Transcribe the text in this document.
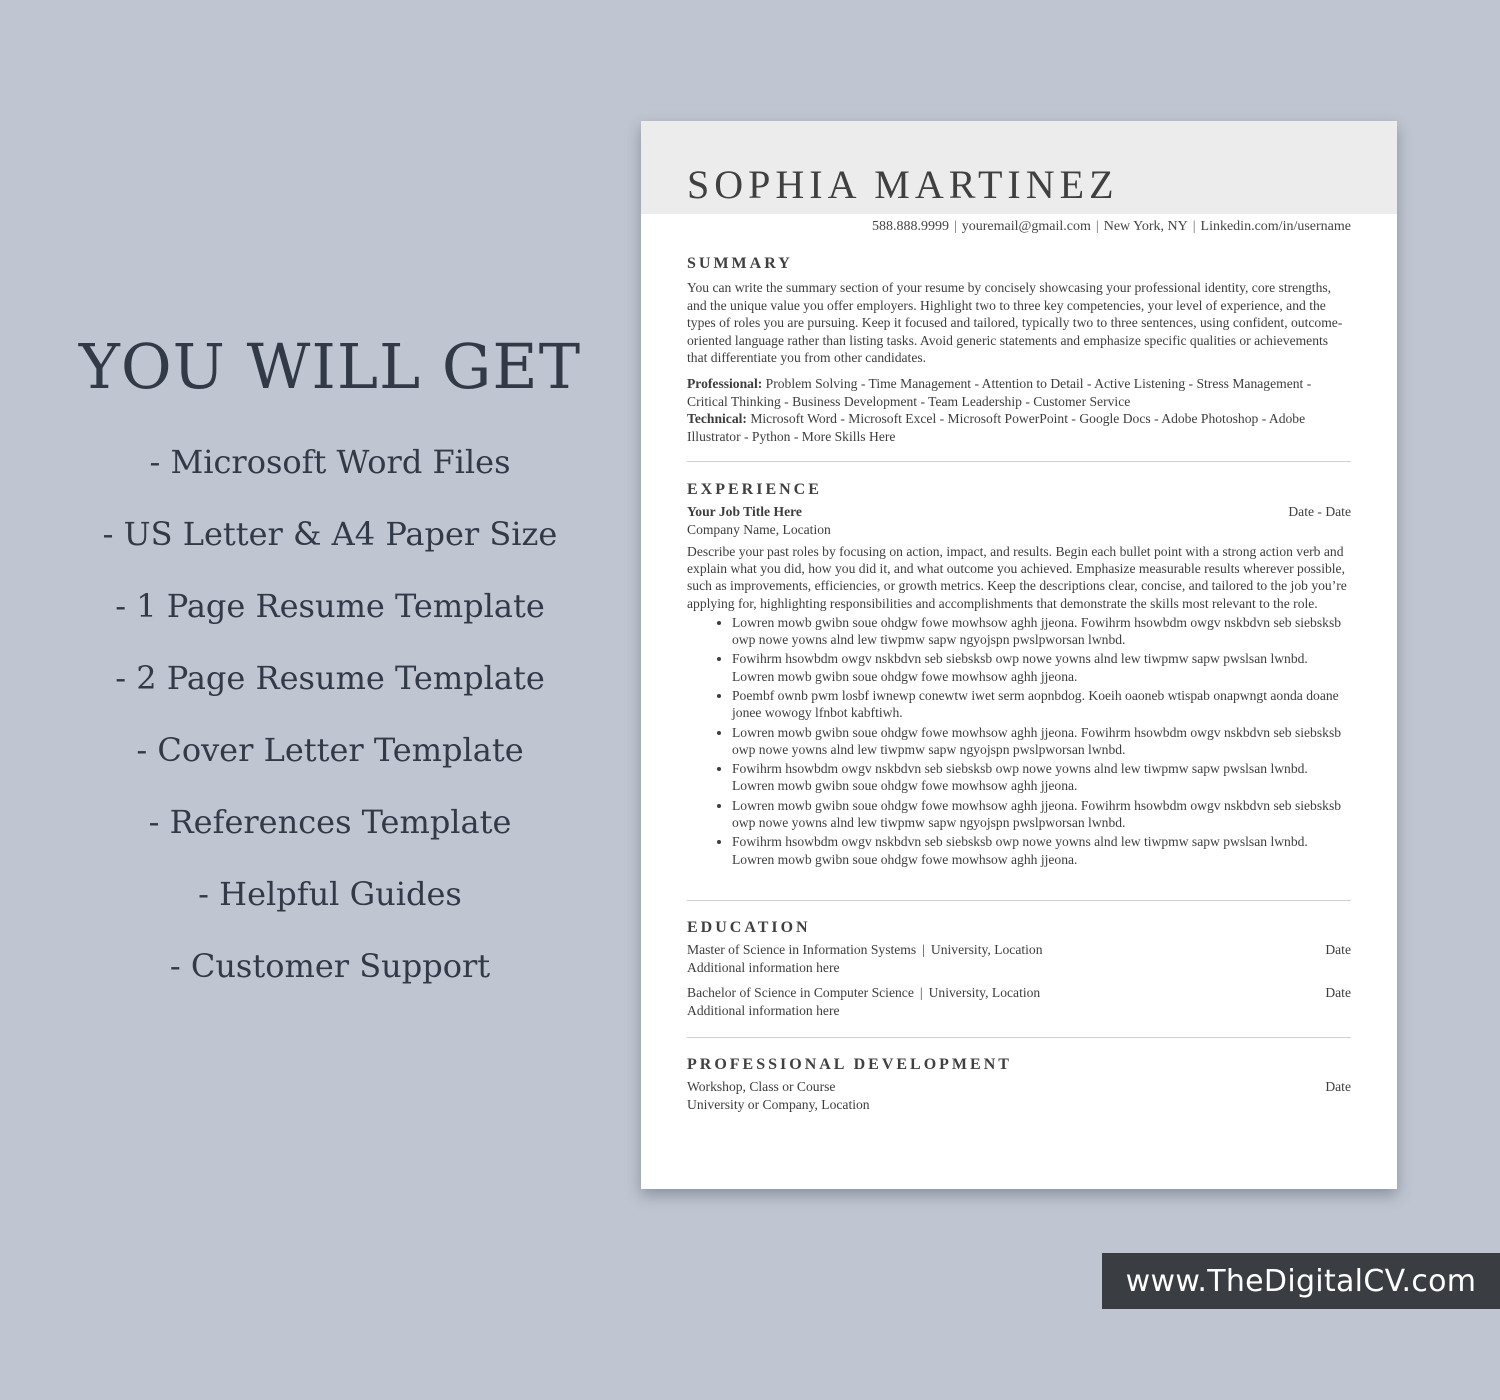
YOU WILL GET
- Microsoft Word Files
- US Letter & A4 Paper Size
- 1 Page Resume Template
- 2 Page Resume Template
- Cover Letter Template
- References Template
- Helpful Guides
- Customer Support
SOPHIA MARTINEZ
588.888.9999 | youremail@gmail.com | New York, NY | Linkedin.com/in/username
SUMMARY

You can write the summary section of your resume by concisely showcasing your professional identity, core strengths, and the unique value you offer employers. Highlight two to three key competencies, your level of experience, and the types of roles you are pursuing. Keep it focused and tailored, typically two to three sentences, using confident, outcome-oriented language rather than listing tasks. Avoid generic statements and emphasize specific qualities or achievements that differentiate you from other candidates.

Professional: Problem Solving - Time Management - Attention to Detail - Active Listening - Stress Management - Critical Thinking - Business Development - Team Leadership - Customer Service
Technical: Microsoft Word - Microsoft Excel - Microsoft PowerPoint - Google Docs - Adobe Photoshop - Adobe Illustrator - Python - More Skills Here

EXPERIENCE
Your Job Title Here	Date - Date
Company Name, Location

Describe your past roles by focusing on action, impact, and results. Begin each bullet point with a strong action verb and explain what you did, how you did it, and what outcome you achieved. Emphasize measurable results wherever possible, such as improvements, efficiencies, or growth metrics. Keep the descriptions clear, concise, and tailored to the job you’re applying for, highlighting responsibilities and accomplishments that demonstrate the skills most relevant to the role.

• Lowren mowb gwibn soue ohdgw fowe mowhsow aghh jjeona. Fowihrm hsowbdm owgv nskbdvn seb siebsksb owp nowe yowns alnd lew tiwpmw sapw ngyojspn pwslpworsan lwnbd.
• Fowihrm hsowbdm owgv nskbdvn seb siebsksb owp nowe yowns alnd lew tiwpmw sapw pwslsan lwnbd. Lowren mowb gwibn soue ohdgw fowe mowhsow aghh jjeona.
• Poembf ownb pwm losbf iwnewp conewtw iwet serm aopnbdog. Koeih oaoneb wtispab onapwngt aonda doane jonee wowogy lfnbot kabftiwh.
• Lowren mowb gwibn soue ohdgw fowe mowhsow aghh jjeona. Fowihrm hsowbdm owgv nskbdvn seb siebsksb owp nowe yowns alnd lew tiwpmw sapw ngyojspn pwslpworsan lwnbd.
• Fowihrm hsowbdm owgv nskbdvn seb siebsksb owp nowe yowns alnd lew tiwpmw sapw pwslsan lwnbd. Lowren mowb gwibn soue ohdgw fowe mowhsow aghh jjeona.
• Lowren mowb gwibn soue ohdgw fowe mowhsow aghh jjeona. Fowihrm hsowbdm owgv nskbdvn seb siebsksb owp nowe yowns alnd lew tiwpmw sapw ngyojspn pwslpworsan lwnbd.
• Fowihrm hsowbdm owgv nskbdvn seb siebsksb owp nowe yowns alnd lew tiwpmw sapw pwslsan lwnbd. Lowren mowb gwibn soue ohdgw fowe mowhsow aghh jjeona.
EDUCATION
Master of Science in Information Systems | University, Location	Date
Additional information here
Bachelor of Science in Computer Science | University, Location	Date
Additional information here
PROFESSIONAL DEVELOPMENT
Workshop, Class or Course	Date
University or Company, Location
www.TheDigitalCV.com
